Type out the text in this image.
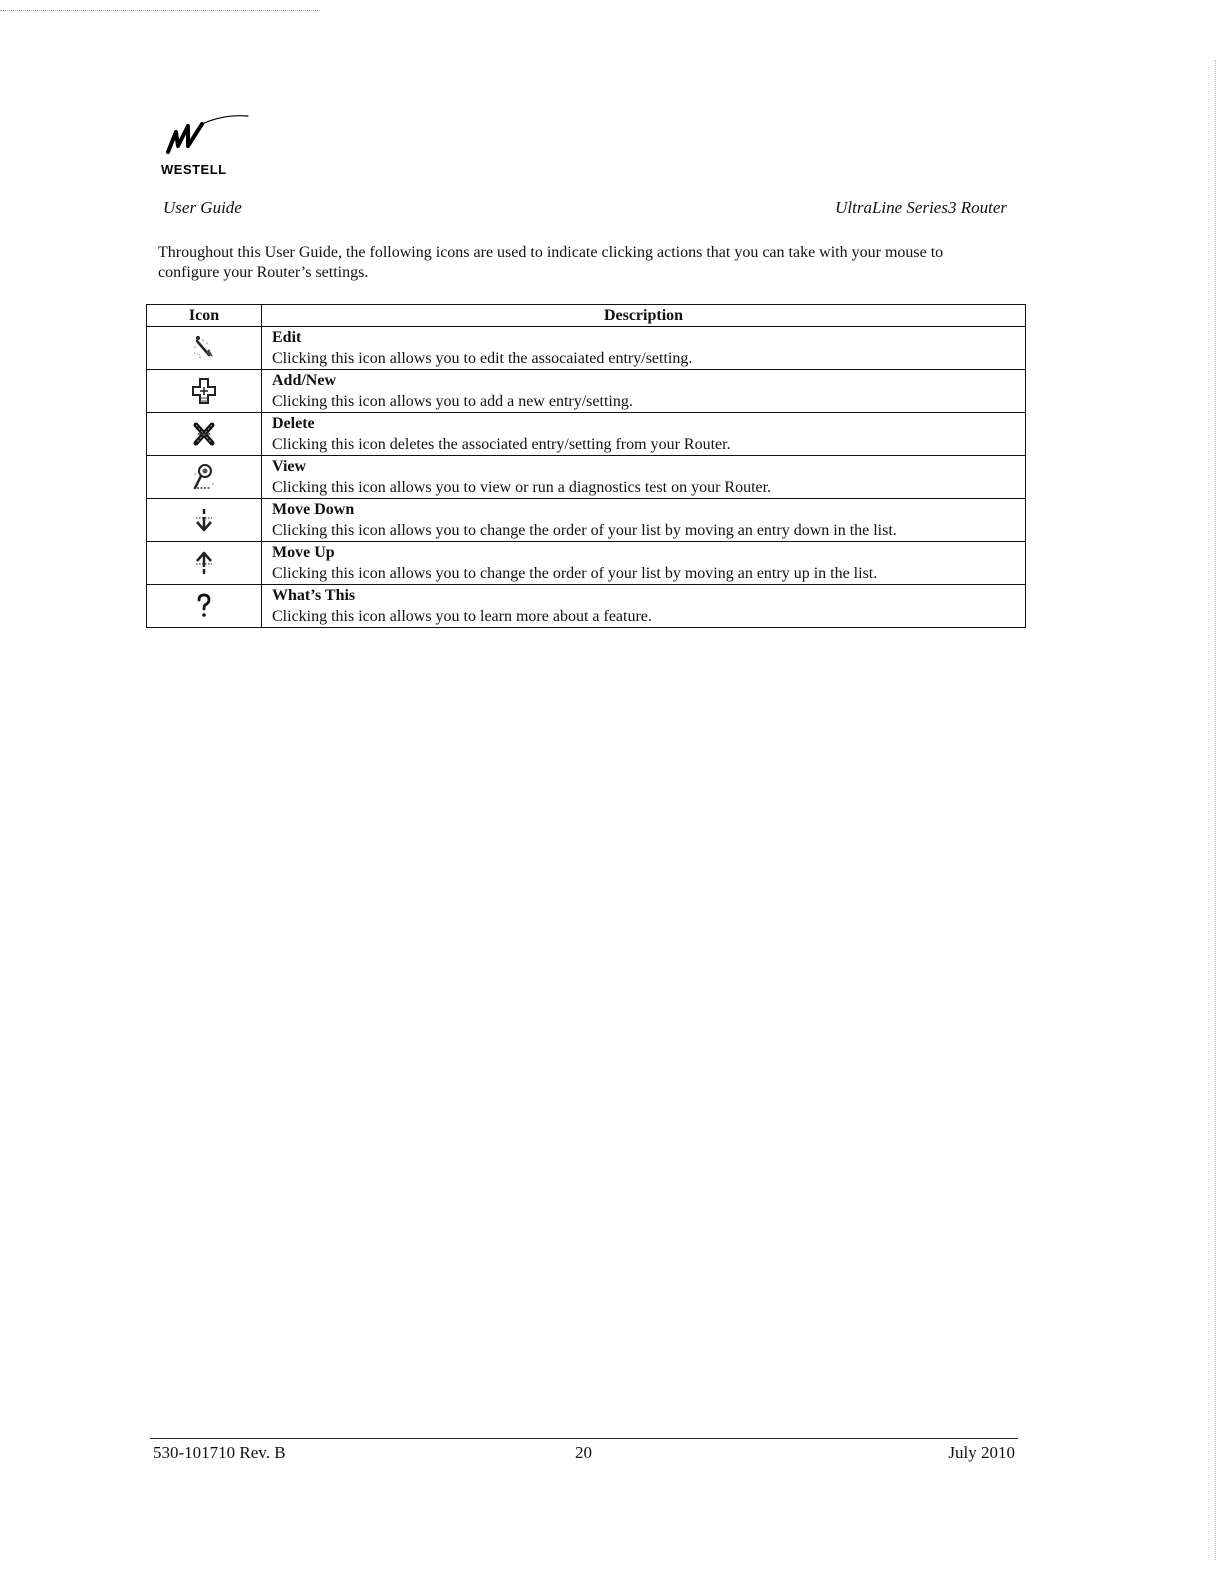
WESTELL
User Guide	UltraLine Series3 Router

Throughout this User Guide, the following icons are used to indicate clicking actions that you can take with your mouse to configure your Router’s settings.

Icon	Description

Edit
Clicking this icon allows you to edit the assocaiated entry/setting.

Add/New
Clicking this icon allows you to add a new entry/setting.

Delete
Clicking this icon deletes the associated entry/setting from your Router.

View
Clicking this icon allows you to view or run a diagnostics test on your Router.

Move Down
Clicking this icon allows you to change the order of your list by moving an entry down in the list.

Move Up
Clicking this icon allows you to change the order of your list by moving an entry up in the list.

What’s This
Clicking this icon allows you to learn more about a feature.
530-101710 Rev. B	20	July 2010
